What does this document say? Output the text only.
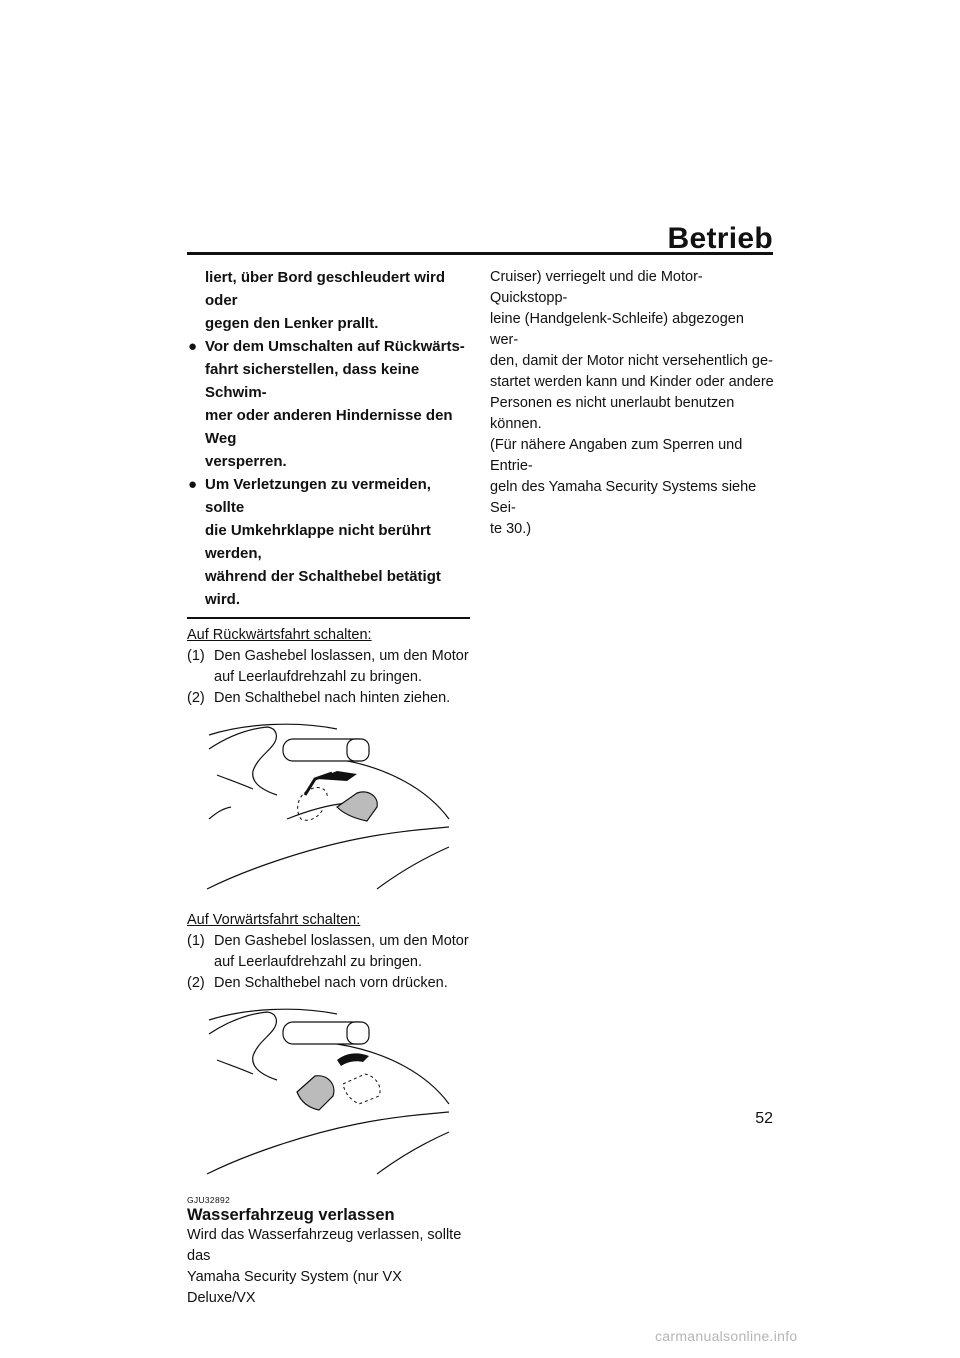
Betrieb
liert, über Bord geschleudert wird oder
gegen den Lenker prallt.
● Vor dem Umschalten auf Rückwärts-
fahrt sicherstellen, dass keine Schwim-
mer oder anderen Hindernisse den Weg
versperren.
● Um Verletzungen zu vermeiden, sollte
die Umkehrklappe nicht berührt werden,
während der Schalthebel betätigt wird.
Auf Rückwärtsfahrt schalten:
(1) Den Gashebel loslassen, um den Motor
auf Leerlaufdrehzahl zu bringen.
(2) Den Schalthebel nach hinten ziehen.
Auf Vorwärtsfahrt schalten:
(1) Den Gashebel loslassen, um den Motor
auf Leerlaufdrehzahl zu bringen.
(2) Den Schalthebel nach vorn drücken.
GJU32892
Wasserfahrzeug verlassen
Wird das Wasserfahrzeug verlassen, sollte das
Yamaha Security System (nur VX Deluxe/VX
Cruiser) verriegelt und die Motor-Quickstopp-
leine (Handgelenk-Schleife) abgezogen wer-
den, damit der Motor nicht versehentlich ge-
startet werden kann und Kinder oder andere
Personen es nicht unerlaubt benutzen können.
(Für nähere Angaben zum Sperren und Entrie-
geln des Yamaha Security Systems siehe Sei-
te 30.)
52
carmanualsonline.info
